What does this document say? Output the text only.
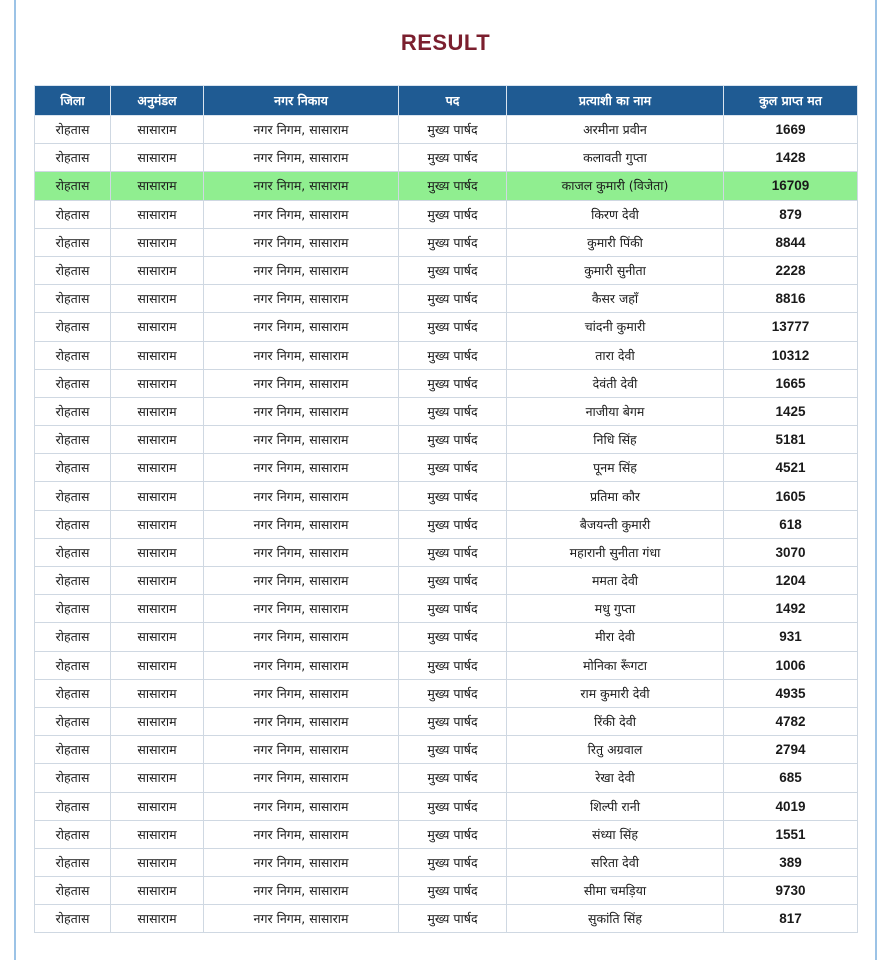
RESULT
जिला	अनुमंडल	नगर निकाय	पद	प्रत्याशी का नाम	कुल प्राप्त मत
रोहतास	सासाराम	नगर निगम, सासाराम	मुख्य पार्षद	अरमीना प्रवीन	1669
रोहतास	सासाराम	नगर निगम, सासाराम	मुख्य पार्षद	कलावती गुप्ता	1428
रोहतास	सासाराम	नगर निगम, सासाराम	मुख्य पार्षद	काजल कुमारी (विजेता)	16709
रोहतास	सासाराम	नगर निगम, सासाराम	मुख्य पार्षद	किरण देवी	879
रोहतास	सासाराम	नगर निगम, सासाराम	मुख्य पार्षद	कुमारी पिंकी	8844
रोहतास	सासाराम	नगर निगम, सासाराम	मुख्य पार्षद	कुमारी सुनीता	2228
रोहतास	सासाराम	नगर निगम, सासाराम	मुख्य पार्षद	कैसर जहाँ	8816
रोहतास	सासाराम	नगर निगम, सासाराम	मुख्य पार्षद	चांदनी कुमारी	13777
रोहतास	सासाराम	नगर निगम, सासाराम	मुख्य पार्षद	तारा देवी	10312
रोहतास	सासाराम	नगर निगम, सासाराम	मुख्य पार्षद	देवंती देवी	1665
रोहतास	सासाराम	नगर निगम, सासाराम	मुख्य पार्षद	नाजीया बेगम	1425
रोहतास	सासाराम	नगर निगम, सासाराम	मुख्य पार्षद	निधि सिंह	5181
रोहतास	सासाराम	नगर निगम, सासाराम	मुख्य पार्षद	पूनम सिंह	4521
रोहतास	सासाराम	नगर निगम, सासाराम	मुख्य पार्षद	प्रतिमा कौर	1605
रोहतास	सासाराम	नगर निगम, सासाराम	मुख्य पार्षद	बैजयन्ती कुमारी	618
रोहतास	सासाराम	नगर निगम, सासाराम	मुख्य पार्षद	महारानी सुनीता गंधा	3070
रोहतास	सासाराम	नगर निगम, सासाराम	मुख्य पार्षद	ममता देवी	1204
रोहतास	सासाराम	नगर निगम, सासाराम	मुख्य पार्षद	मधु गुप्ता	1492
रोहतास	सासाराम	नगर निगम, सासाराम	मुख्य पार्षद	मीरा देवी	931
रोहतास	सासाराम	नगर निगम, सासाराम	मुख्य पार्षद	मोनिका रूँगटा	1006
रोहतास	सासाराम	नगर निगम, सासाराम	मुख्य पार्षद	राम कुमारी देवी	4935
रोहतास	सासाराम	नगर निगम, सासाराम	मुख्य पार्षद	रिंकी देवी	4782
रोहतास	सासाराम	नगर निगम, सासाराम	मुख्य पार्षद	रितु अग्रवाल	2794
रोहतास	सासाराम	नगर निगम, सासाराम	मुख्य पार्षद	रेखा देवी	685
रोहतास	सासाराम	नगर निगम, सासाराम	मुख्य पार्षद	शिल्पी रानी	4019
रोहतास	सासाराम	नगर निगम, सासाराम	मुख्य पार्षद	संध्या सिंह	1551
रोहतास	सासाराम	नगर निगम, सासाराम	मुख्य पार्षद	सरिता देवी	389
रोहतास	सासाराम	नगर निगम, सासाराम	मुख्य पार्षद	सीमा चमड़िया	9730
रोहतास	सासाराम	नगर निगम, सासाराम	मुख्य पार्षद	सुकांति सिंह	817
